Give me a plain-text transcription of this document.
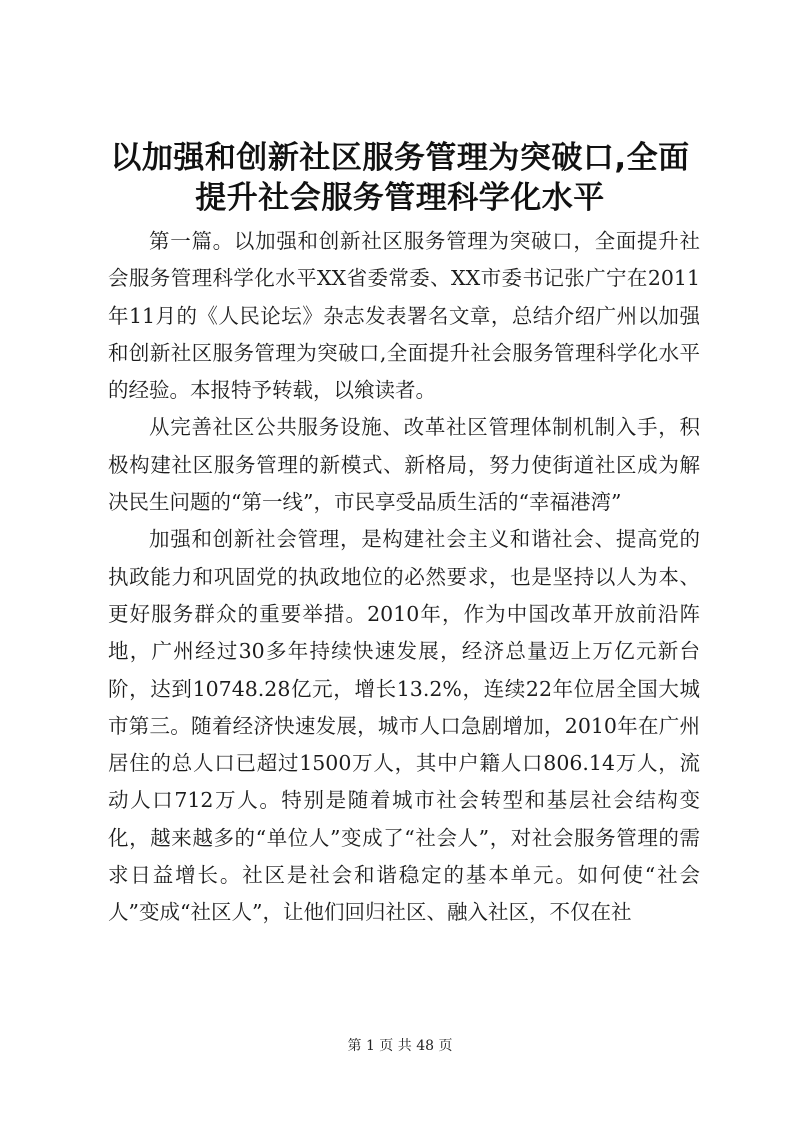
以加强和创新社区服务管理为突破口,全面提升社会服务管理科学化水平

第一篇。以加强和创新社区服务管理为突破口，全面提升社会服务管理科学化水平XX省委常委、XX市委书记张广宁在2011年11月的《人民论坛》杂志发表署名文章，总结介绍广州以加强和创新社区服务管理为突破口,全面提升社会服务管理科学化水平的经验。本报特予转载，以飨读者。

从完善社区公共服务设施、改革社区管理体制机制入手，积极构建社区服务管理的新模式、新格局，努力使街道社区成为解决民生问题的“第一线”，市民享受品质生活的“幸福港湾”

加强和创新社会管理，是构建社会主义和谐社会、提高党的执政能力和巩固党的执政地位的必然要求，也是坚持以人为本、更好服务群众的重要举措。2010年，作为中国改革开放前沿阵地，广州经过30多年持续快速发展，经济总量迈上万亿元新台阶，达到10748.28亿元，增长13.2%，连续22年位居全国大城市第三。随着经济快速发展，城市人口急剧增加，2010年在广州居住的总人口已超过1500万人，其中户籍人口806.14万人，流动人口712万人。特别是随着城市社会转型和基层社会结构变化，越来越多的“单位人”变成了“社会人”，对社会服务管理的需求日益增长。社区是社会和谐稳定的基本单元。如何使“社会人”变成“社区人”，让他们回归社区、融入社区，不仅在社

第 1 页 共 48 页
